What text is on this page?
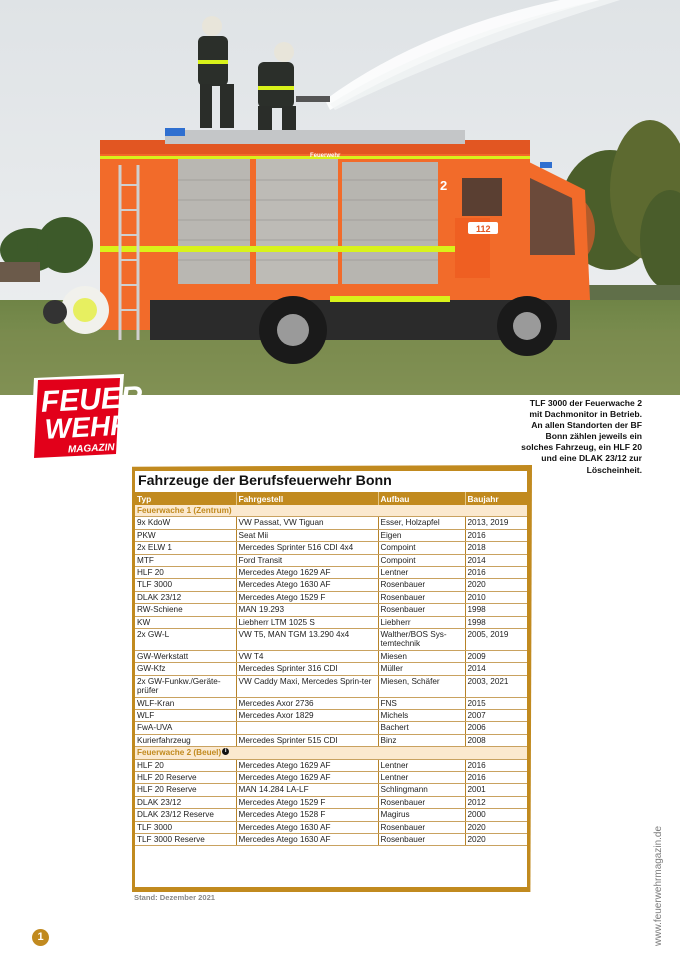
112
2
Feuerwehr
FEUER
WEHR
MAGAZIN
TLF 3000 der Feuerwache 2 mit Dachmonitor in Betrieb. An allen Standorten der BF Bonn zählen jeweils ein solches Fahrzeug, ein HLF 20 und eine DLAK 23/12 zur Löscheinheit.
Fahrzeuge der Berufsfeuerwehr Bonn
Typ	Fahrgestell	Aufbau	Baujahr
Feuerwache 1 (Zentrum)			
9x KdoW	VW Passat, VW Tiguan	Esser, Holzapfel	2013, 2019
PKW	Seat Mii	Eigen	2016
2x ELW 1	Mercedes Sprinter 516 CDI 4x4	Compoint	2018
MTF	Ford Transit	Compoint	2014
HLF 20	Mercedes Atego 1629 AF	Lentner	2016
TLF 3000	Mercedes Atego 1630 AF	Rosenbauer	2020
DLAK 23/12	Mercedes Atego 1529 F	Rosenbauer	2010
RW-Schiene	MAN 19.293	Rosenbauer	1998
KW	Liebherr LTM 1025 S	Liebherr	1998
2x GW-L	VW T5, MAN TGM 13.290 4x4	Walther/BOS Sys-temtechnik	2005, 2019
GW-Werkstatt	VW T4	Miesen	2009
GW-Kfz	Mercedes Sprinter 316 CDI	Müller	2014
2x GW-Funkw./Geräte-prüfer	VW Caddy Maxi, Mercedes Sprin-ter	Miesen, Schäfer	2003, 2021
WLF-Kran	Mercedes Axor 2736	FNS	2015
WLF	Mercedes Axor 1829	Michels	2007
FwA-UVA		Bachert	2006
Kurierfahrzeug	Mercedes Sprinter 515 CDI	Binz	2008
Feuerwache 2 (Beuel) i			
HLF 20	Mercedes Atego 1629 AF	Lentner	2016
HLF 20 Reserve	Mercedes Atego 1629 AF	Lentner	2016
HLF 20 Reserve	MAN 14.284 LA-LF	Schlingmann	2001
DLAK 23/12	Mercedes Atego 1529 F	Rosenbauer	2012
DLAK 23/12 Reserve	Mercedes Atego 1528 F	Magirus	2000
TLF 3000	Mercedes Atego 1630 AF	Rosenbauer	2020
TLF 3000 Reserve	Mercedes Atego 1630 AF	Rosenbauer	2020
Stand: Dezember 2021
1	www.feuerwehrmagazin.de
